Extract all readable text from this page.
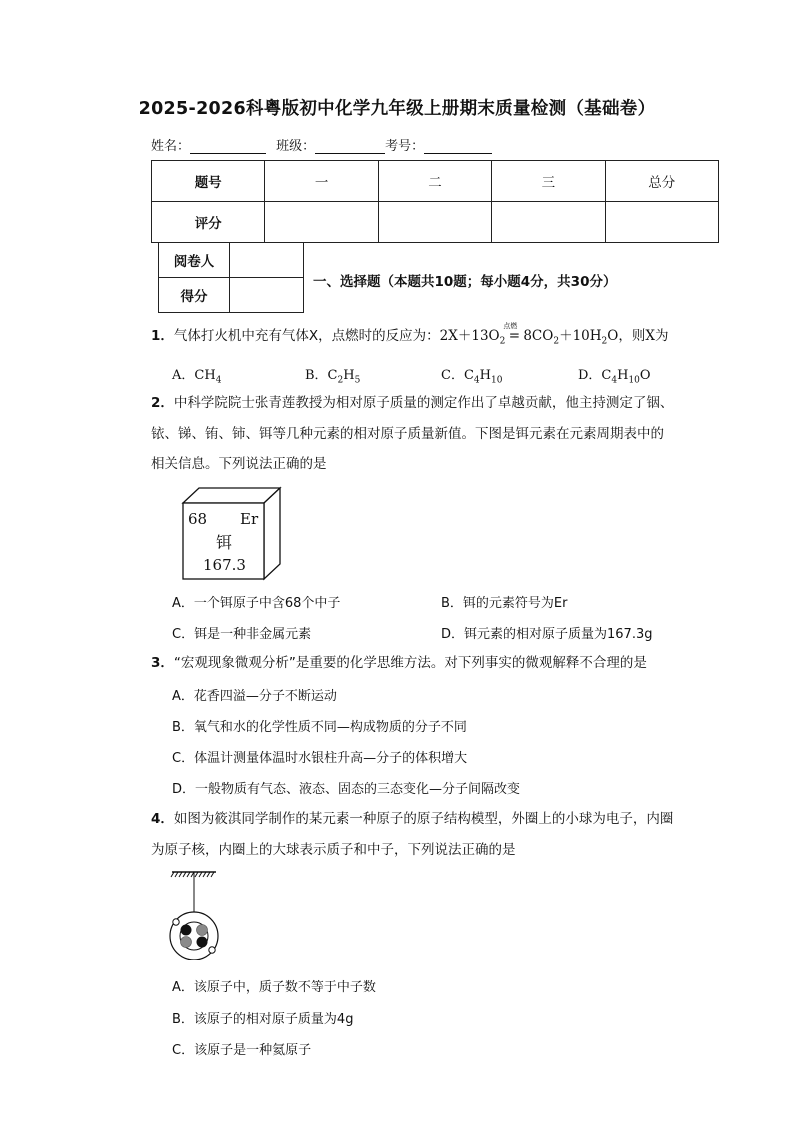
2025-2026科粤版初中化学九年级上册期末质量检测（基础卷）
姓名：	班级：	考号：
题号	一	二	三	总分
评分				
阅卷人	
得分	
一、选择题（本题共10题；每小题4分，共30分）
1．气体打火机中充有气体X，点燃时的反应为：$2X+13O_2$
点燃
= $8CO_2+10H_2O$，则X为
A．$CH_4$	B．$C_2H_5$	C．$C_4H_{10}$	D．$C_4H_{10}O$
2．中科学院院士张青莲教授为相对原子质量的测定作出了卓越贡献，他主持测定了铟、
铱、锑、铕、铈、铒等几种元素的相对原子质量新值。下图是铒元素在元素周期表中的
相关信息。下列说法正确的是
68 Er
铒
167.3
A．一个铒原子中含68个中子	B．铒的元素符号为Er
C．铒是一种非金属元素	D．铒元素的相对原子质量为167.3g
3．“宏观现象微观分析”是重要的化学思维方法。对下列事实的微观解释不合理的是
A．花香四溢—分子不断运动
B．氧气和水的化学性质不同—构成物质的分子不同
C．体温计测量体温时水银柱升高—分子的体积增大
D．一般物质有气态、液态、固态的三态变化—分子间隔改变
4．如图为筱淇同学制作的某元素一种原子的原子结构模型，外圈上的小球为电子，内圈
为原子核，内圈上的大球表示质子和中子，下列说法正确的是
A．该原子中，质子数不等于中子数
B．该原子的相对原子质量为4g
C．该原子是一种氦原子
